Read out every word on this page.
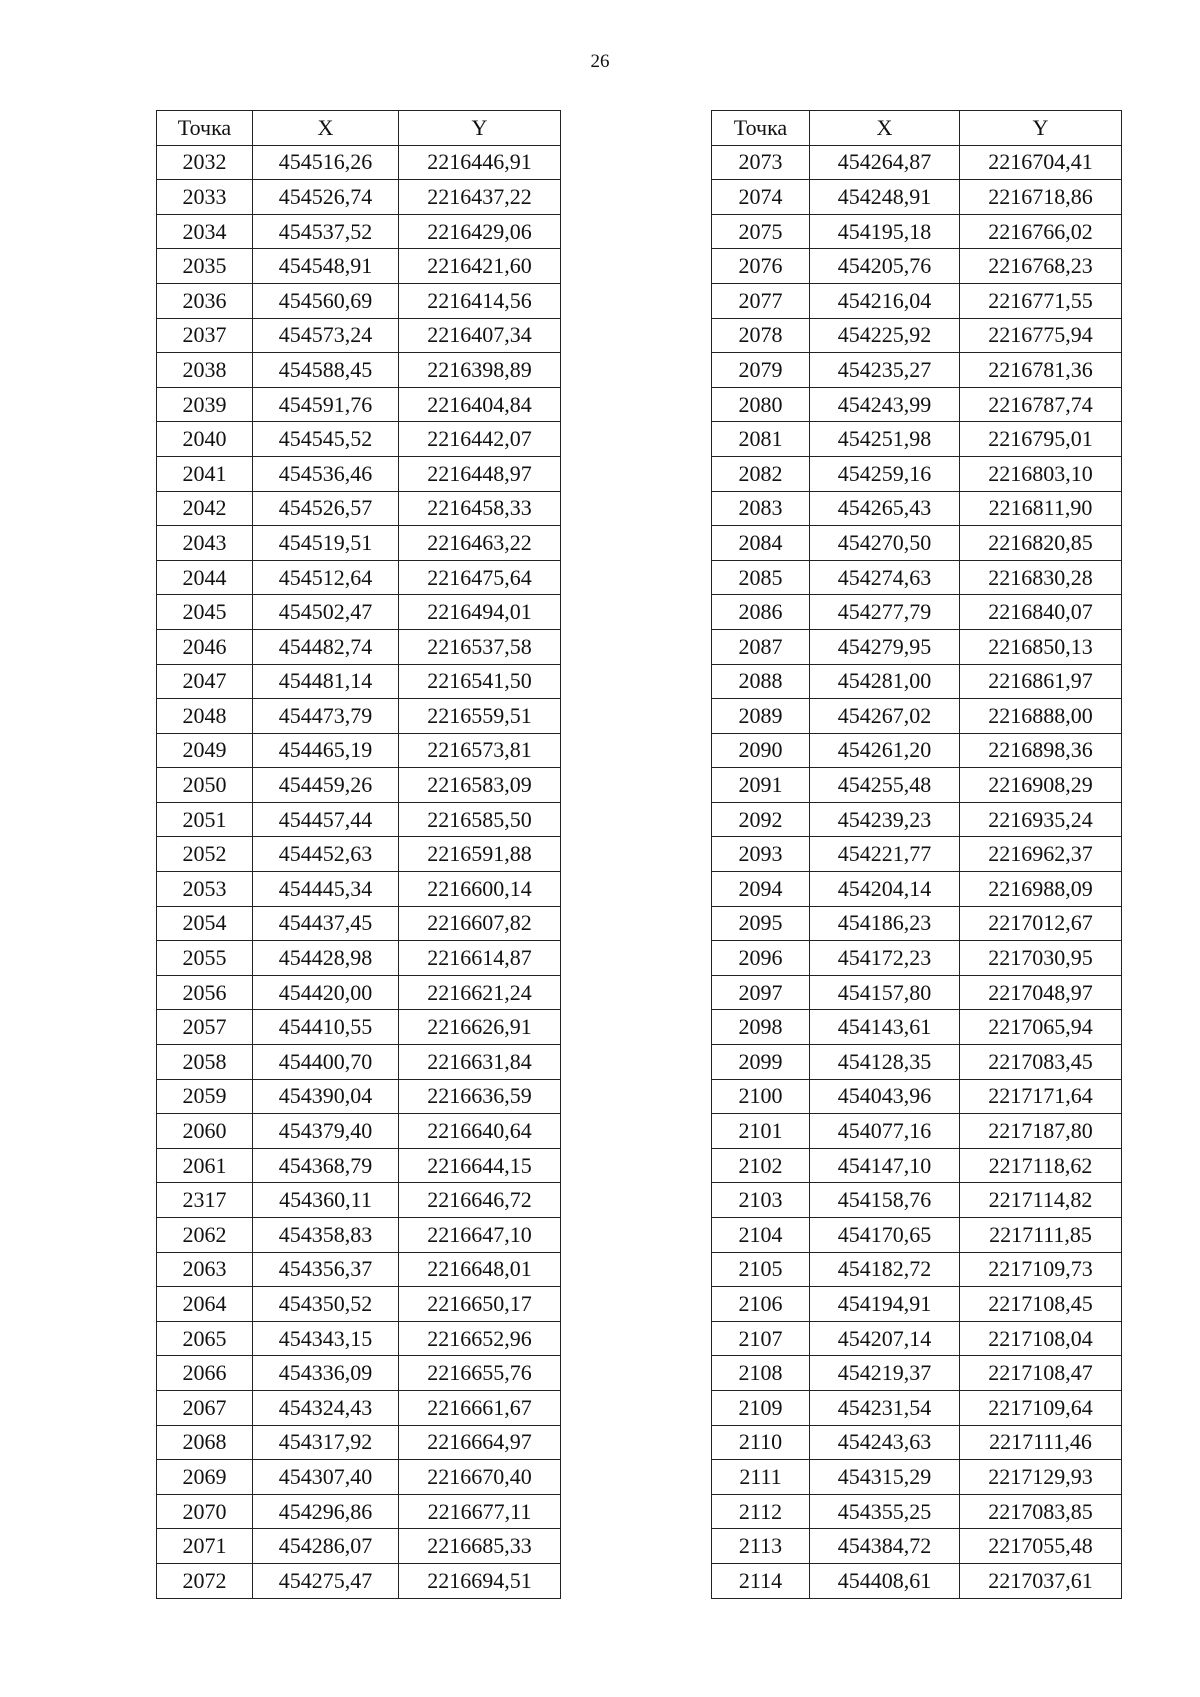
26
Точка	X	Y
2032	454516,26	2216446,91
2033	454526,74	2216437,22
2034	454537,52	2216429,06
2035	454548,91	2216421,60
2036	454560,69	2216414,56
2037	454573,24	2216407,34
2038	454588,45	2216398,89
2039	454591,76	2216404,84
2040	454545,52	2216442,07
2041	454536,46	2216448,97
2042	454526,57	2216458,33
2043	454519,51	2216463,22
2044	454512,64	2216475,64
2045	454502,47	2216494,01
2046	454482,74	2216537,58
2047	454481,14	2216541,50
2048	454473,79	2216559,51
2049	454465,19	2216573,81
2050	454459,26	2216583,09
2051	454457,44	2216585,50
2052	454452,63	2216591,88
2053	454445,34	2216600,14
2054	454437,45	2216607,82
2055	454428,98	2216614,87
2056	454420,00	2216621,24
2057	454410,55	2216626,91
2058	454400,70	2216631,84
2059	454390,04	2216636,59
2060	454379,40	2216640,64
2061	454368,79	2216644,15
2317	454360,11	2216646,72
2062	454358,83	2216647,10
2063	454356,37	2216648,01
2064	454350,52	2216650,17
2065	454343,15	2216652,96
2066	454336,09	2216655,76
2067	454324,43	2216661,67
2068	454317,92	2216664,97
2069	454307,40	2216670,40
2070	454296,86	2216677,11
2071	454286,07	2216685,33
2072	454275,47	2216694,51
Точка	X	Y
2073	454264,87	2216704,41
2074	454248,91	2216718,86
2075	454195,18	2216766,02
2076	454205,76	2216768,23
2077	454216,04	2216771,55
2078	454225,92	2216775,94
2079	454235,27	2216781,36
2080	454243,99	2216787,74
2081	454251,98	2216795,01
2082	454259,16	2216803,10
2083	454265,43	2216811,90
2084	454270,50	2216820,85
2085	454274,63	2216830,28
2086	454277,79	2216840,07
2087	454279,95	2216850,13
2088	454281,00	2216861,97
2089	454267,02	2216888,00
2090	454261,20	2216898,36
2091	454255,48	2216908,29
2092	454239,23	2216935,24
2093	454221,77	2216962,37
2094	454204,14	2216988,09
2095	454186,23	2217012,67
2096	454172,23	2217030,95
2097	454157,80	2217048,97
2098	454143,61	2217065,94
2099	454128,35	2217083,45
2100	454043,96	2217171,64
2101	454077,16	2217187,80
2102	454147,10	2217118,62
2103	454158,76	2217114,82
2104	454170,65	2217111,85
2105	454182,72	2217109,73
2106	454194,91	2217108,45
2107	454207,14	2217108,04
2108	454219,37	2217108,47
2109	454231,54	2217109,64
2110	454243,63	2217111,46
2111	454315,29	2217129,93
2112	454355,25	2217083,85
2113	454384,72	2217055,48
2114	454408,61	2217037,61
